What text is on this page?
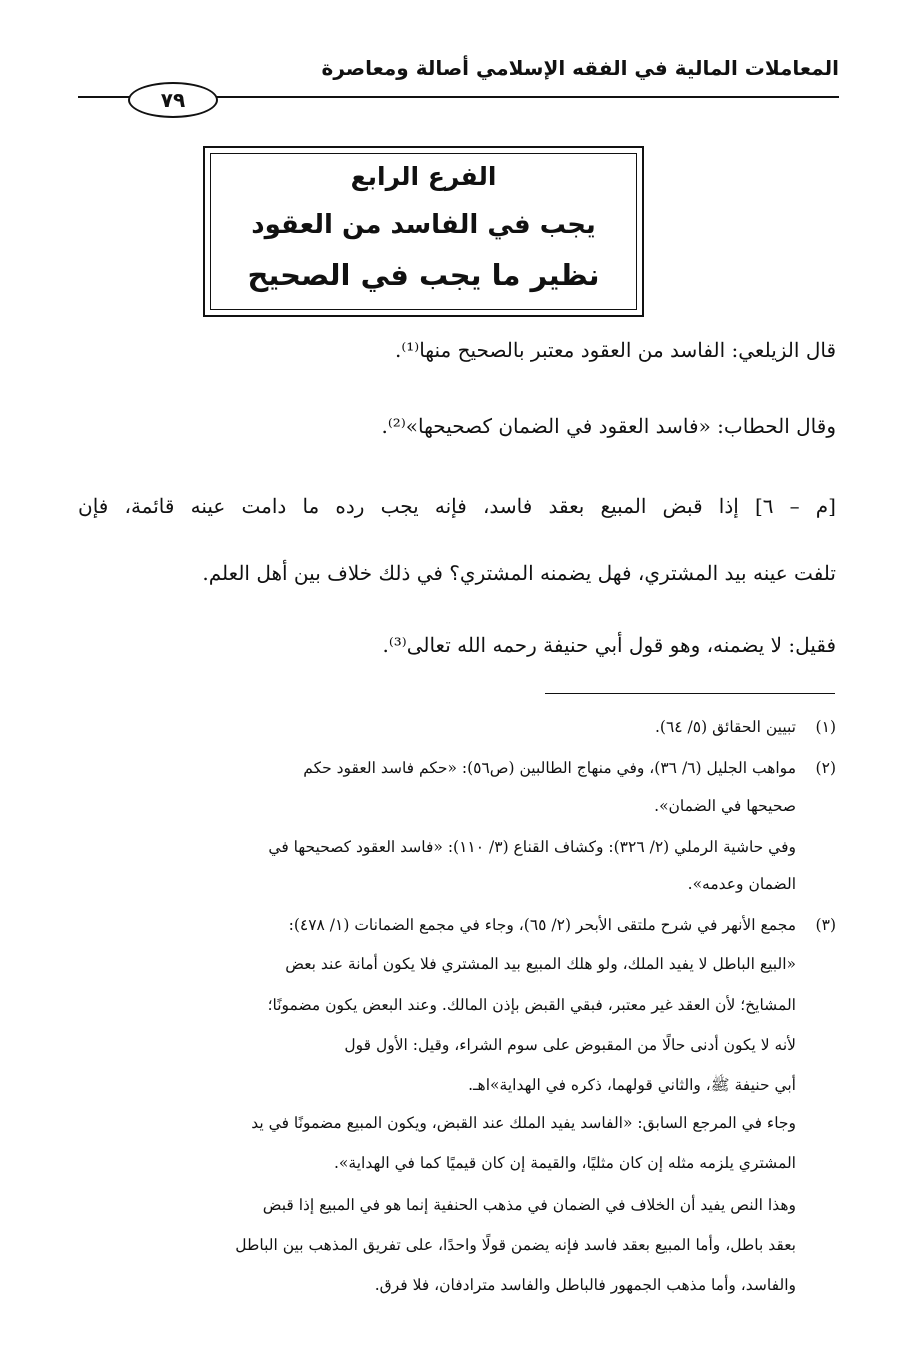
المعاملات المالية في الفقه الإسلامي أصالة ومعاصرة
٧٩
الفرع الرابع
يجب في الفاسد من العقود
نظير ما يجب في الصحيح
قال الزيلعي: الفاسد من العقود معتبر بالصحيح منها⁽¹⁾.
وقال الحطاب: «فاسد العقود في الضمان كصحيحها»⁽²⁾.
[م – ٦] إذا قبض المبيع بعقد فاسد، فإنه يجب رده ما دامت عينه قائمة، فإن
تلفت عينه بيد المشتري، فهل يضمنه المشتري؟ في ذلك خلاف بين أهل العلم.
فقيل: لا يضمنه، وهو قول أبي حنيفة رحمه الله تعالى⁽³⁾.
(١)
تبيين الحقائق (٥/ ٦٤).
(٢)
مواهب الجليل (٦/ ٣٦)، وفي منهاج الطالبين (ص٥٦): «حكم فاسد العقود حكم
صحيحها في الضمان».
وفي حاشية الرملي (٢/ ٣٢٦): وكشاف القناع (٣/ ١١٠): «فاسد العقود كصحيحها في
الضمان وعدمه».
(٣)
مجمع الأنهر في شرح ملتقى الأبحر (٢/ ٦٥)، وجاء في مجمع الضمانات (١/ ٤٧٨):
«البيع الباطل لا يفيد الملك، ولو هلك المبيع بيد المشتري فلا يكون أمانة عند بعض
المشايخ؛ لأن العقد غير معتبر، فبقي القبض بإذن المالك. وعند البعض يكون مضمونًا؛
لأنه لا يكون أدنى حالًا من المقبوض على سوم الشراء، وقيل: الأول قول
أبي حنيفة ﷺ، والثاني قولهما، ذكره في الهداية»اهـ.
وجاء في المرجع السابق: «الفاسد يفيد الملك عند القبض، ويكون المبيع مضمونًا في يد
المشتري يلزمه مثله إن كان مثليًا، والقيمة إن كان قيميًا كما في الهداية».
وهذا النص يفيد أن الخلاف في الضمان في مذهب الحنفية إنما هو في المبيع إذا قبض
بعقد باطل، وأما المبيع بعقد فاسد فإنه يضمن قولًا واحدًا، على تفريق المذهب بين الباطل
والفاسد، وأما مذهب الجمهور فالباطل والفاسد مترادفان، فلا فرق.
